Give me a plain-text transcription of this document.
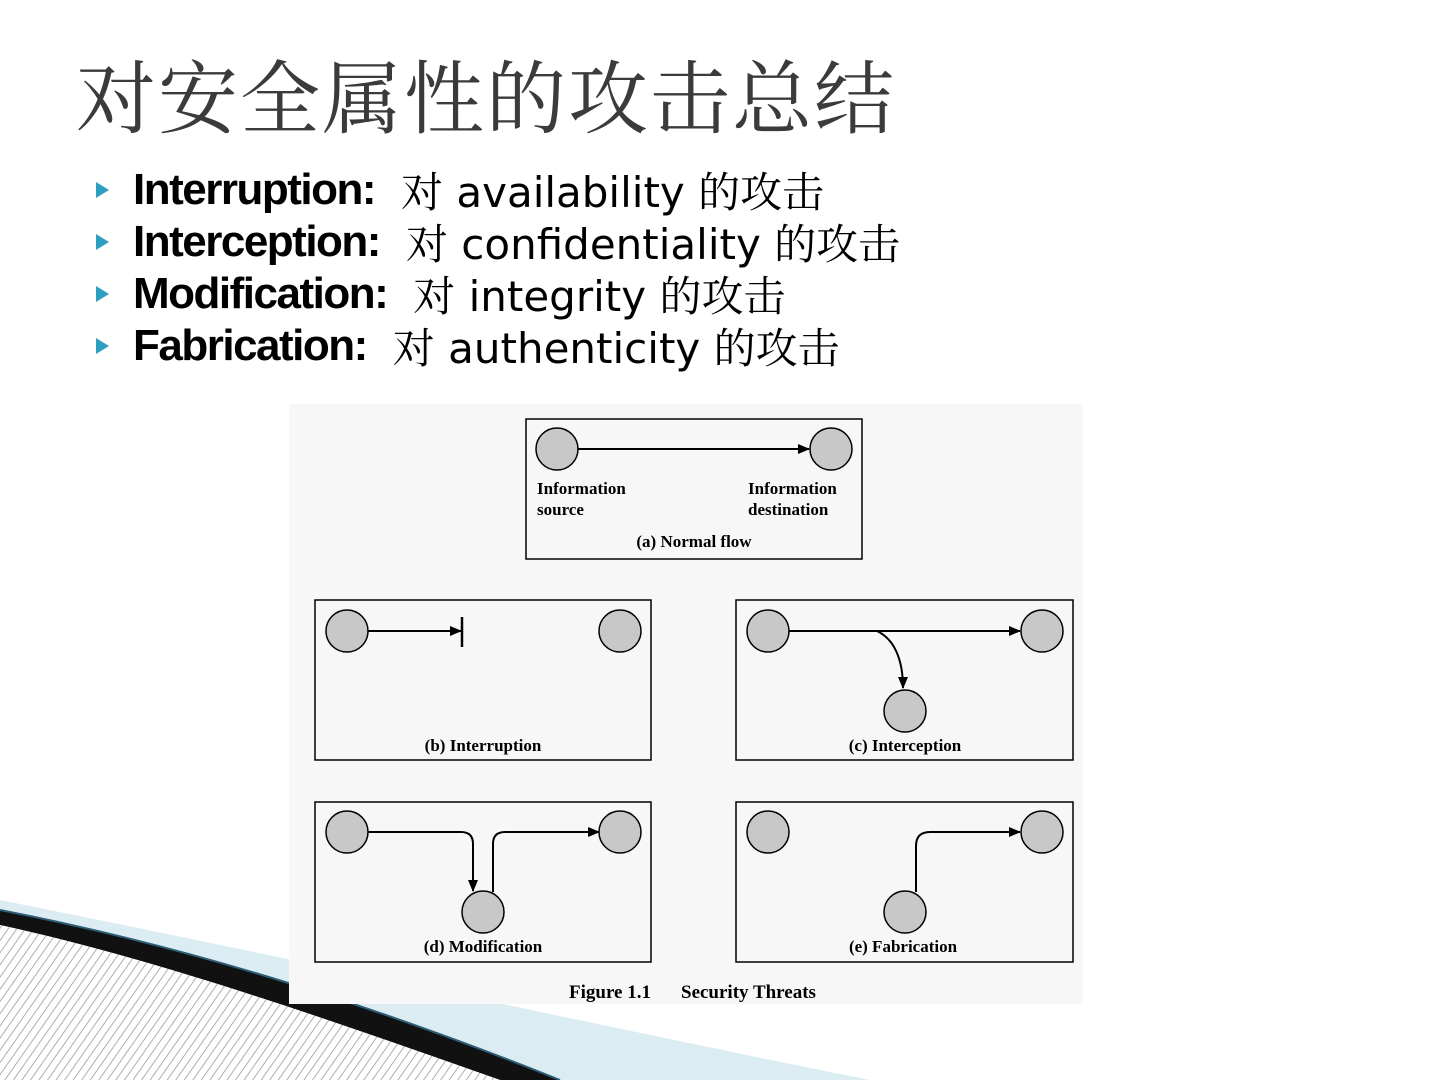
对安全属性的攻击总结
Interruption: 对 availability 的攻击
Interception: 对 confidentiality 的攻击
Modification: 对 integrity 的攻击
Fabrication: 对 authenticity 的攻击
Information
source
Information
destination
(a) Normal flow
(b) Interruption	(c) Interception
(d) Modification	(e) Fabrication
Figure 1.1 Security Threats
